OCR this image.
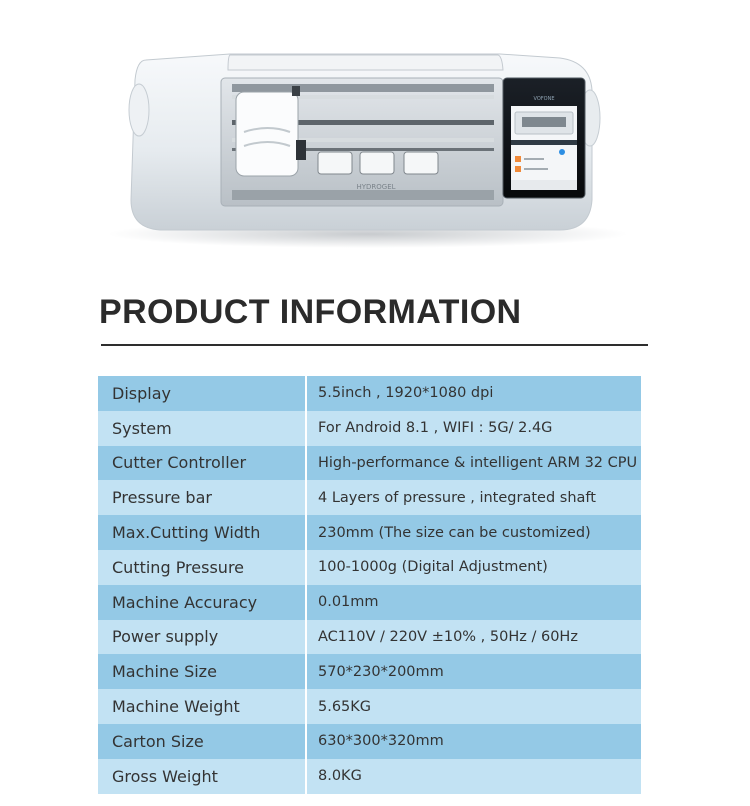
HYDROGEL
VOFONE
PRODUCT INFORMATION
Display	5.5inch , 1920*1080 dpi
System	For Android 8.1 , WIFI : 5G/ 2.4G
Cutter Controller	High-performance & intelligent ARM 32 CPU
Pressure bar	4 Layers of pressure , integrated shaft
Max.Cutting Width	230mm (The size can be customized)
Cutting Pressure	100-1000g (Digital Adjustment)
Machine Accuracy	0.01mm
Power supply	AC110V / 220V ±10% , 50Hz / 60Hz
Machine Size	570*230*200mm
Machine Weight	5.65KG
Carton Size	630*300*320mm
Gross Weight	8.0KG
